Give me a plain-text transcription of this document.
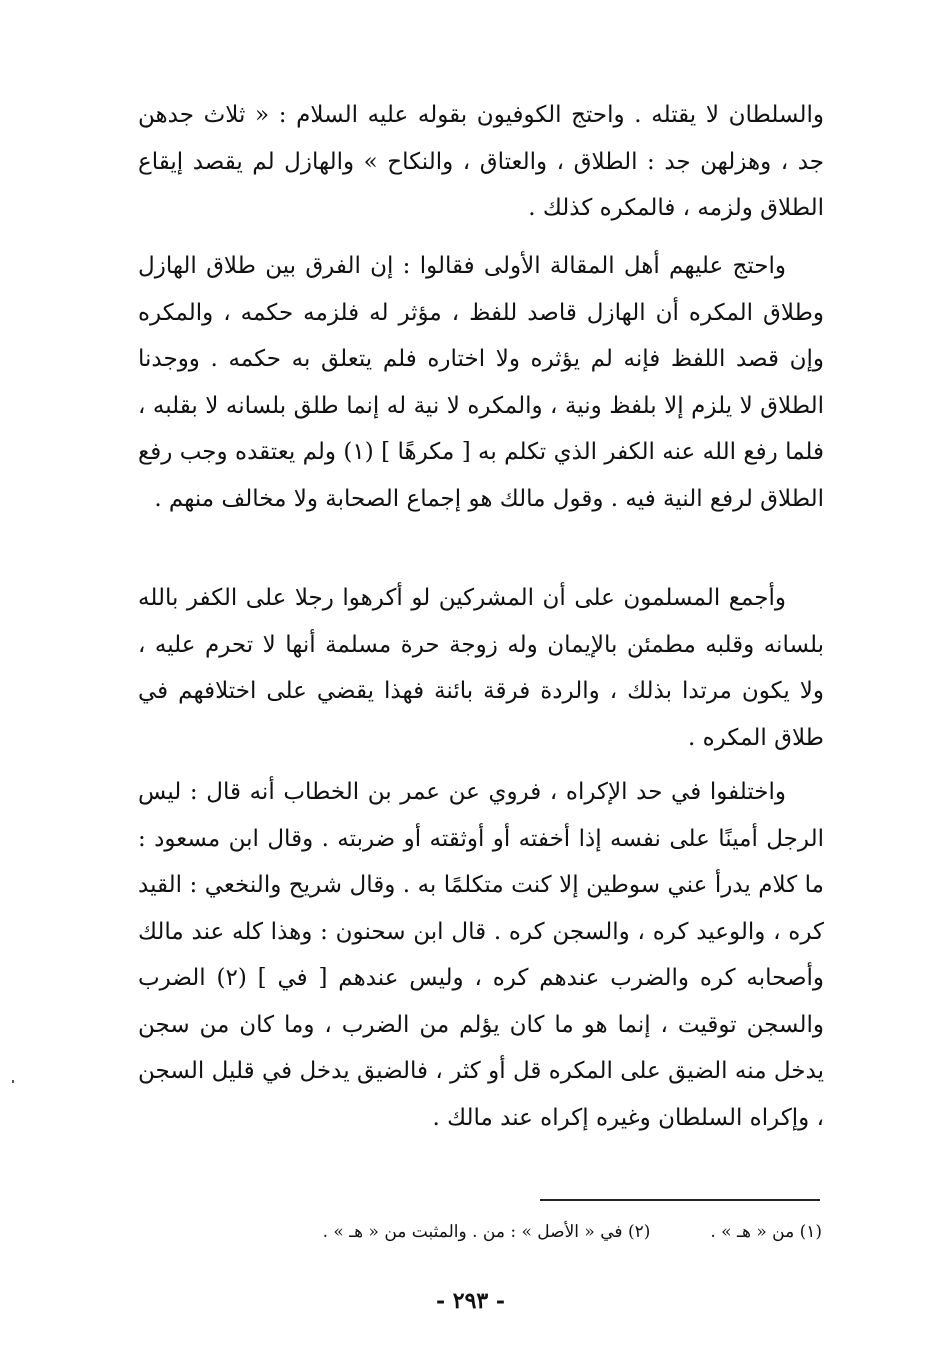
والسلطان لا يقتله . واحتج الكوفيون بقوله عليه السلام : « ثلاث جدهن جد ، وهزلهن جد : الطلاق ، والعتاق ، والنكاح » والهازل لم يقصد إيقاع الطلاق ولزمه ، فالمكره كذلك .

واحتج عليهم أهل المقالة الأولى فقالوا : إن الفرق بين طلاق الهازل وطلاق المكره أن الهازل قاصد للفظ ، مؤثر له فلزمه حكمه ، والمكره وإن قصد اللفظ فإنه لم يؤثره ولا اختاره فلم يتعلق به حكمه . ووجدنا الطلاق لا يلزم إلا بلفظ ونية ، والمكره لا نية له إنما طلق بلسانه لا بقلبه ، فلما رفع الله عنه الكفر الذي تكلم به [ مكرهًا ] (١) ولم يعتقده وجب رفع الطلاق لرفع النية فيه . وقول مالك هو إجماع الصحابة ولا مخالف منهم .

وأجمع المسلمون على أن المشركين لو أكرهوا رجلا على الكفر بالله بلسانه وقلبه مطمئن بالإيمان وله زوجة حرة مسلمة أنها لا تحرم عليه ، ولا يكون مرتدا بذلك ، والردة فرقة بائنة فهذا يقضي على اختلافهم في طلاق المكره .

واختلفوا في حد الإكراه ، فروي عن عمر بن الخطاب أنه قال : ليس الرجل أمينًا على نفسه إذا أخفته أو أوثقته أو ضربته . وقال ابن مسعود : ما كلام يدرأ عني سوطين إلا كنت متكلمًا به . وقال شريح والنخعي : القيد كره ، والوعيد كره ، والسجن كره . قال ابن سحنون : وهذا كله عند مالك وأصحابه كره والضرب عندهم كره ، وليس عندهم [ في ] (٢) الضرب والسجن توقيت ، إنما هو ما كان يؤلم من الضرب ، وما كان من سجن يدخل منه الضيق على المكره قل أو كثر ، فالضيق يدخل في قليل السجن ، وإكراه السلطان وغيره إكراه عند مالك .

(١) من « هـ » .
(٢) في « الأصل » : من . والمثبت من « هـ » .
- ٢٩٣ -
